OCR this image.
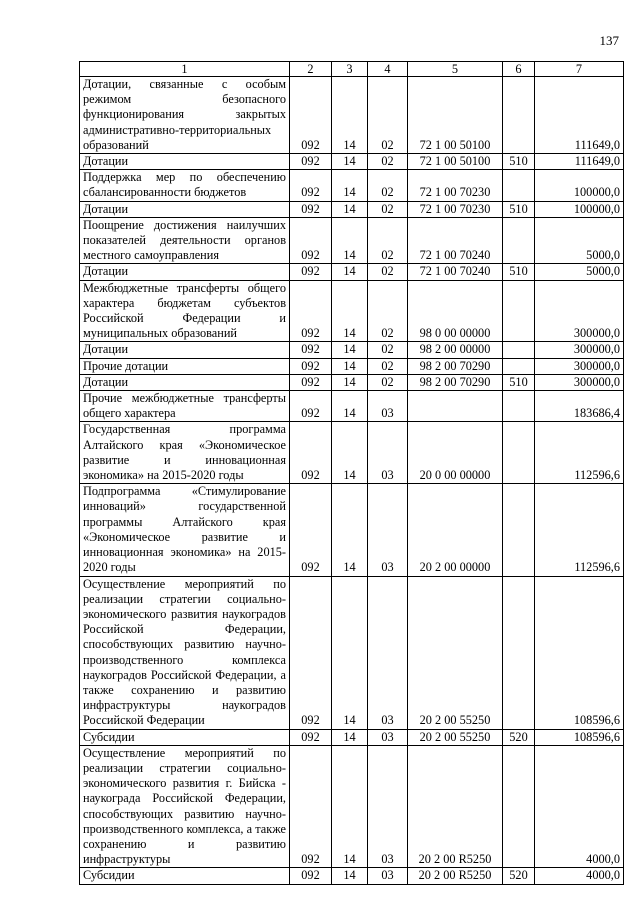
137
1	2	3	4	5	6	7
Дотации, связанные с особым режимом безопасного функционирования закрытых административно-территориальных образований	092	14	02	72 1 00 50100		111649,0
Дотации	092	14	02	72 1 00 50100	510	111649,0
Поддержка мер по обеспечению сбалансированности бюджетов	092	14	02	72 1 00 70230		100000,0
Дотации	092	14	02	72 1 00 70230	510	100000,0
Поощрение достижения наилучших показателей деятельности органов местного самоуправления	092	14	02	72 1 00 70240		5000,0
Дотации	092	14	02	72 1 00 70240	510	5000,0
Межбюджетные трансферты общего характера бюджетам субъектов Российской Федерации и муниципальных образований	092	14	02	98 0 00 00000		300000,0
Дотации	092	14	02	98 2 00 00000		300000,0
Прочие дотации	092	14	02	98 2 00 70290		300000,0
Дотации	092	14	02	98 2 00 70290	510	300000,0
Прочие межбюджетные трансферты общего характера	092	14	03			183686,4
Государственная программа Алтайского края «Экономическое развитие и инновационная экономика» на 2015-2020 годы	092	14	03	20 0 00 00000		112596,6
Подпрограмма «Стимулирование инноваций» государственной программы Алтайского края «Экономическое развитие и инновационная экономика» на 2015-2020 годы	092	14	03	20 2 00 00000		112596,6
Осуществление мероприятий по реализации стратегии социально-экономического развития наукоградов Российской Федерации, способствующих развитию научно-производственного комплекса наукоградов Российской Федерации, а также сохранению и развитию инфраструктуры наукоградов Российской Федерации	092	14	03	20 2 00 55250		108596,6
Субсидии	092	14	03	20 2 00 55250	520	108596,6
Осуществление мероприятий по реализации стратегии социально-экономического развития г. Бийска - наукограда Российской Федерации, способствующих развитию научно-производственного комплекса, а также сохранению и развитию инфраструктуры	092	14	03	20 2 00 R5250		4000,0
Субсидии	092	14	03	20 2 00 R5250	520	4000,0
